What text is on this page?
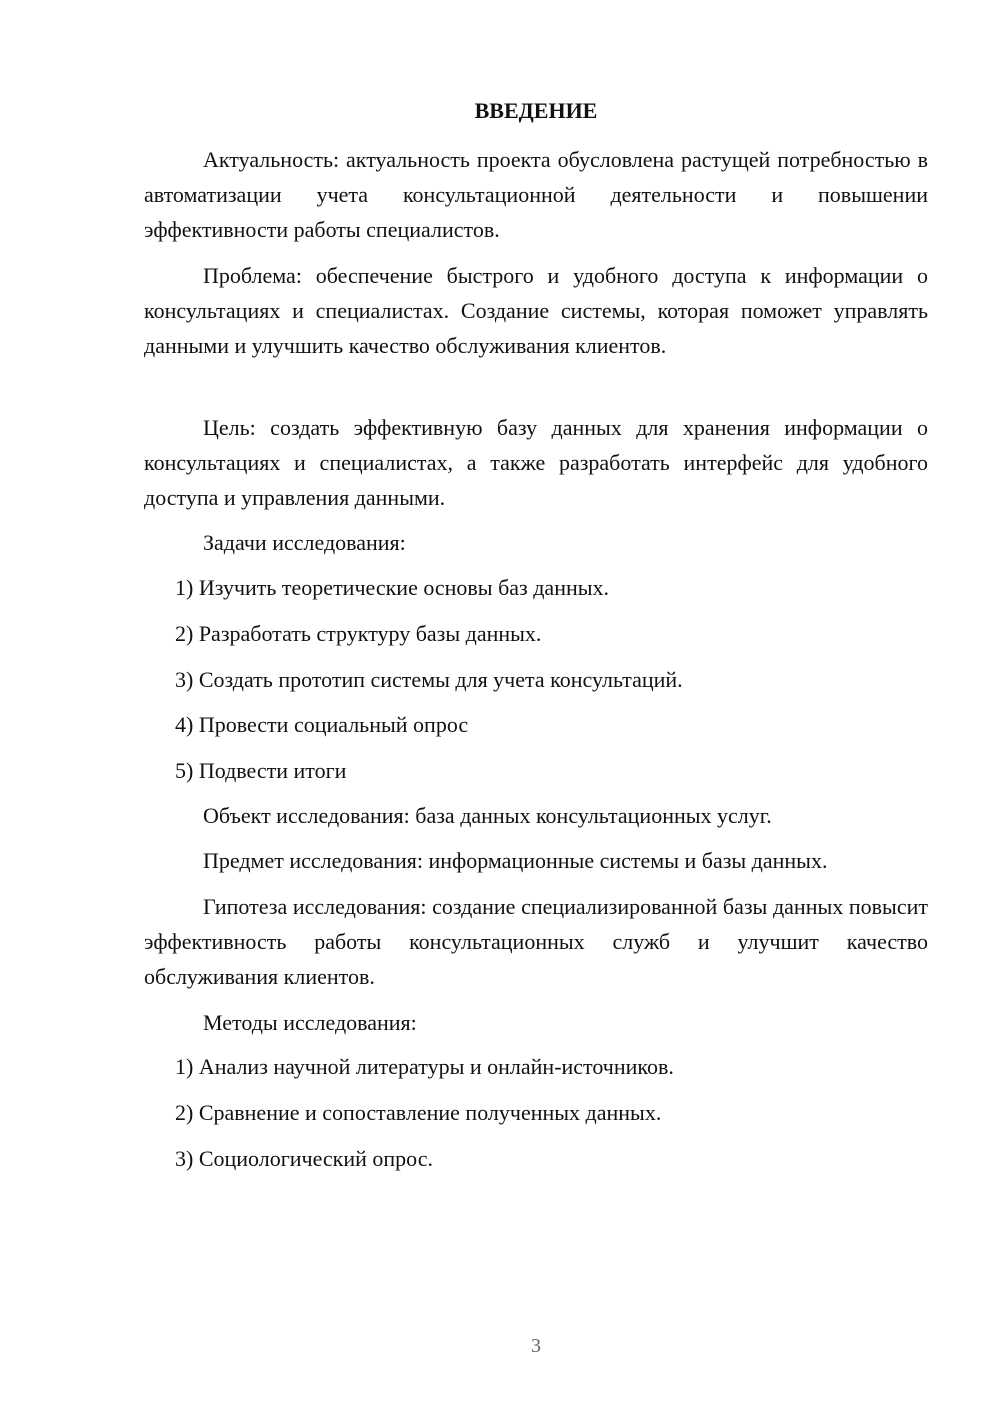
ВВЕДЕНИЕ
Актуальность: актуальность проекта обусловлена растущей потребностью в автоматизации учета консультационной деятельности и повышении эффективности работы специалистов.
Проблема: обеспечение быстрого и удобного доступа к информации о консультациях и специалистах. Создание системы, которая поможет управлять данными и улучшить качество обслуживания клиентов.
Цель: создать эффективную базу данных для хранения информации о консультациях и специалистах, а также разработать интерфейс для удобного доступа и управления данными.
Задачи исследования:
1) Изучить теоретические основы баз данных.
2) Разработать структуру базы данных.
3) Создать прототип системы для учета консультаций.
4) Провести социальный опрос
5) Подвести итоги
Объект исследования: база данных консультационных услуг.
Предмет исследования: информационные системы и базы данных.
Гипотеза исследования: создание специализированной базы данных повысит эффективность работы консультационных служб и улучшит качество обслуживания клиентов.
Методы исследования:
1) Анализ научной литературы и онлайн-источников.
2) Сравнение и сопоставление полученных данных.
3) Социологический опрос.
3
